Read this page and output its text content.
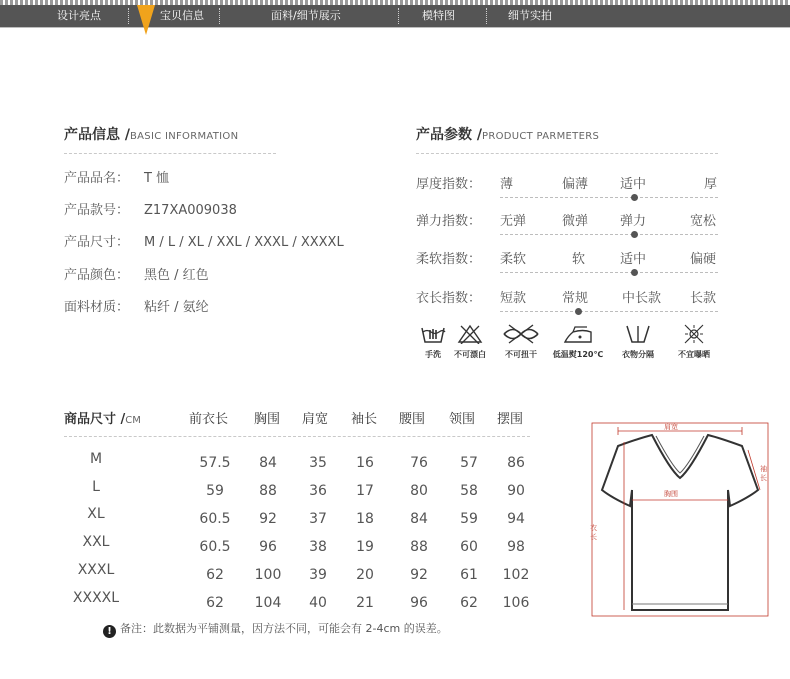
设计亮点	宝贝信息	面料/细节展示	模特图	细节实拍
产品信息 /BASIC INFORMATION
产品品名： T 恤
产品款号： Z17XA009038
产品尺寸： M / L / XL / XXL / XXXL / XXXXL
产品颜色： 黑色 / 红色
面料材质： 粘纤 / 氨纶
产品参数 /PRODUCT PARMETERS
厚度指数： 薄	偏薄 适中	厚
弹力指数： 无弹	微弹 弹力	宽松
柔软指数： 柔软	软	适中	偏硬
衣长指数： 短款	常规	中长款 长款
手洗	不可漂白	不可扭干	低温熨120℃	衣物分隔	不宜曝晒
商品尺寸 /CM	前衣长 胸围 肩宽 袖长 腰围 领围 摆围
M	57.5	84	35	16	76	57	86
L	59	88	36	17	80	58	90
XL	60.5	92	37	18	84	59	94
XXL	60.5	96	38	19	88	60	98
XXXL	62	100	39	20	92	61	102
XXXXL	62	104	40	21	96	62	106
! 备注：此数据为平铺测量，因方法不同，可能会有 2-4cm 的误差。
肩宽
胸围
袖长
衣长
